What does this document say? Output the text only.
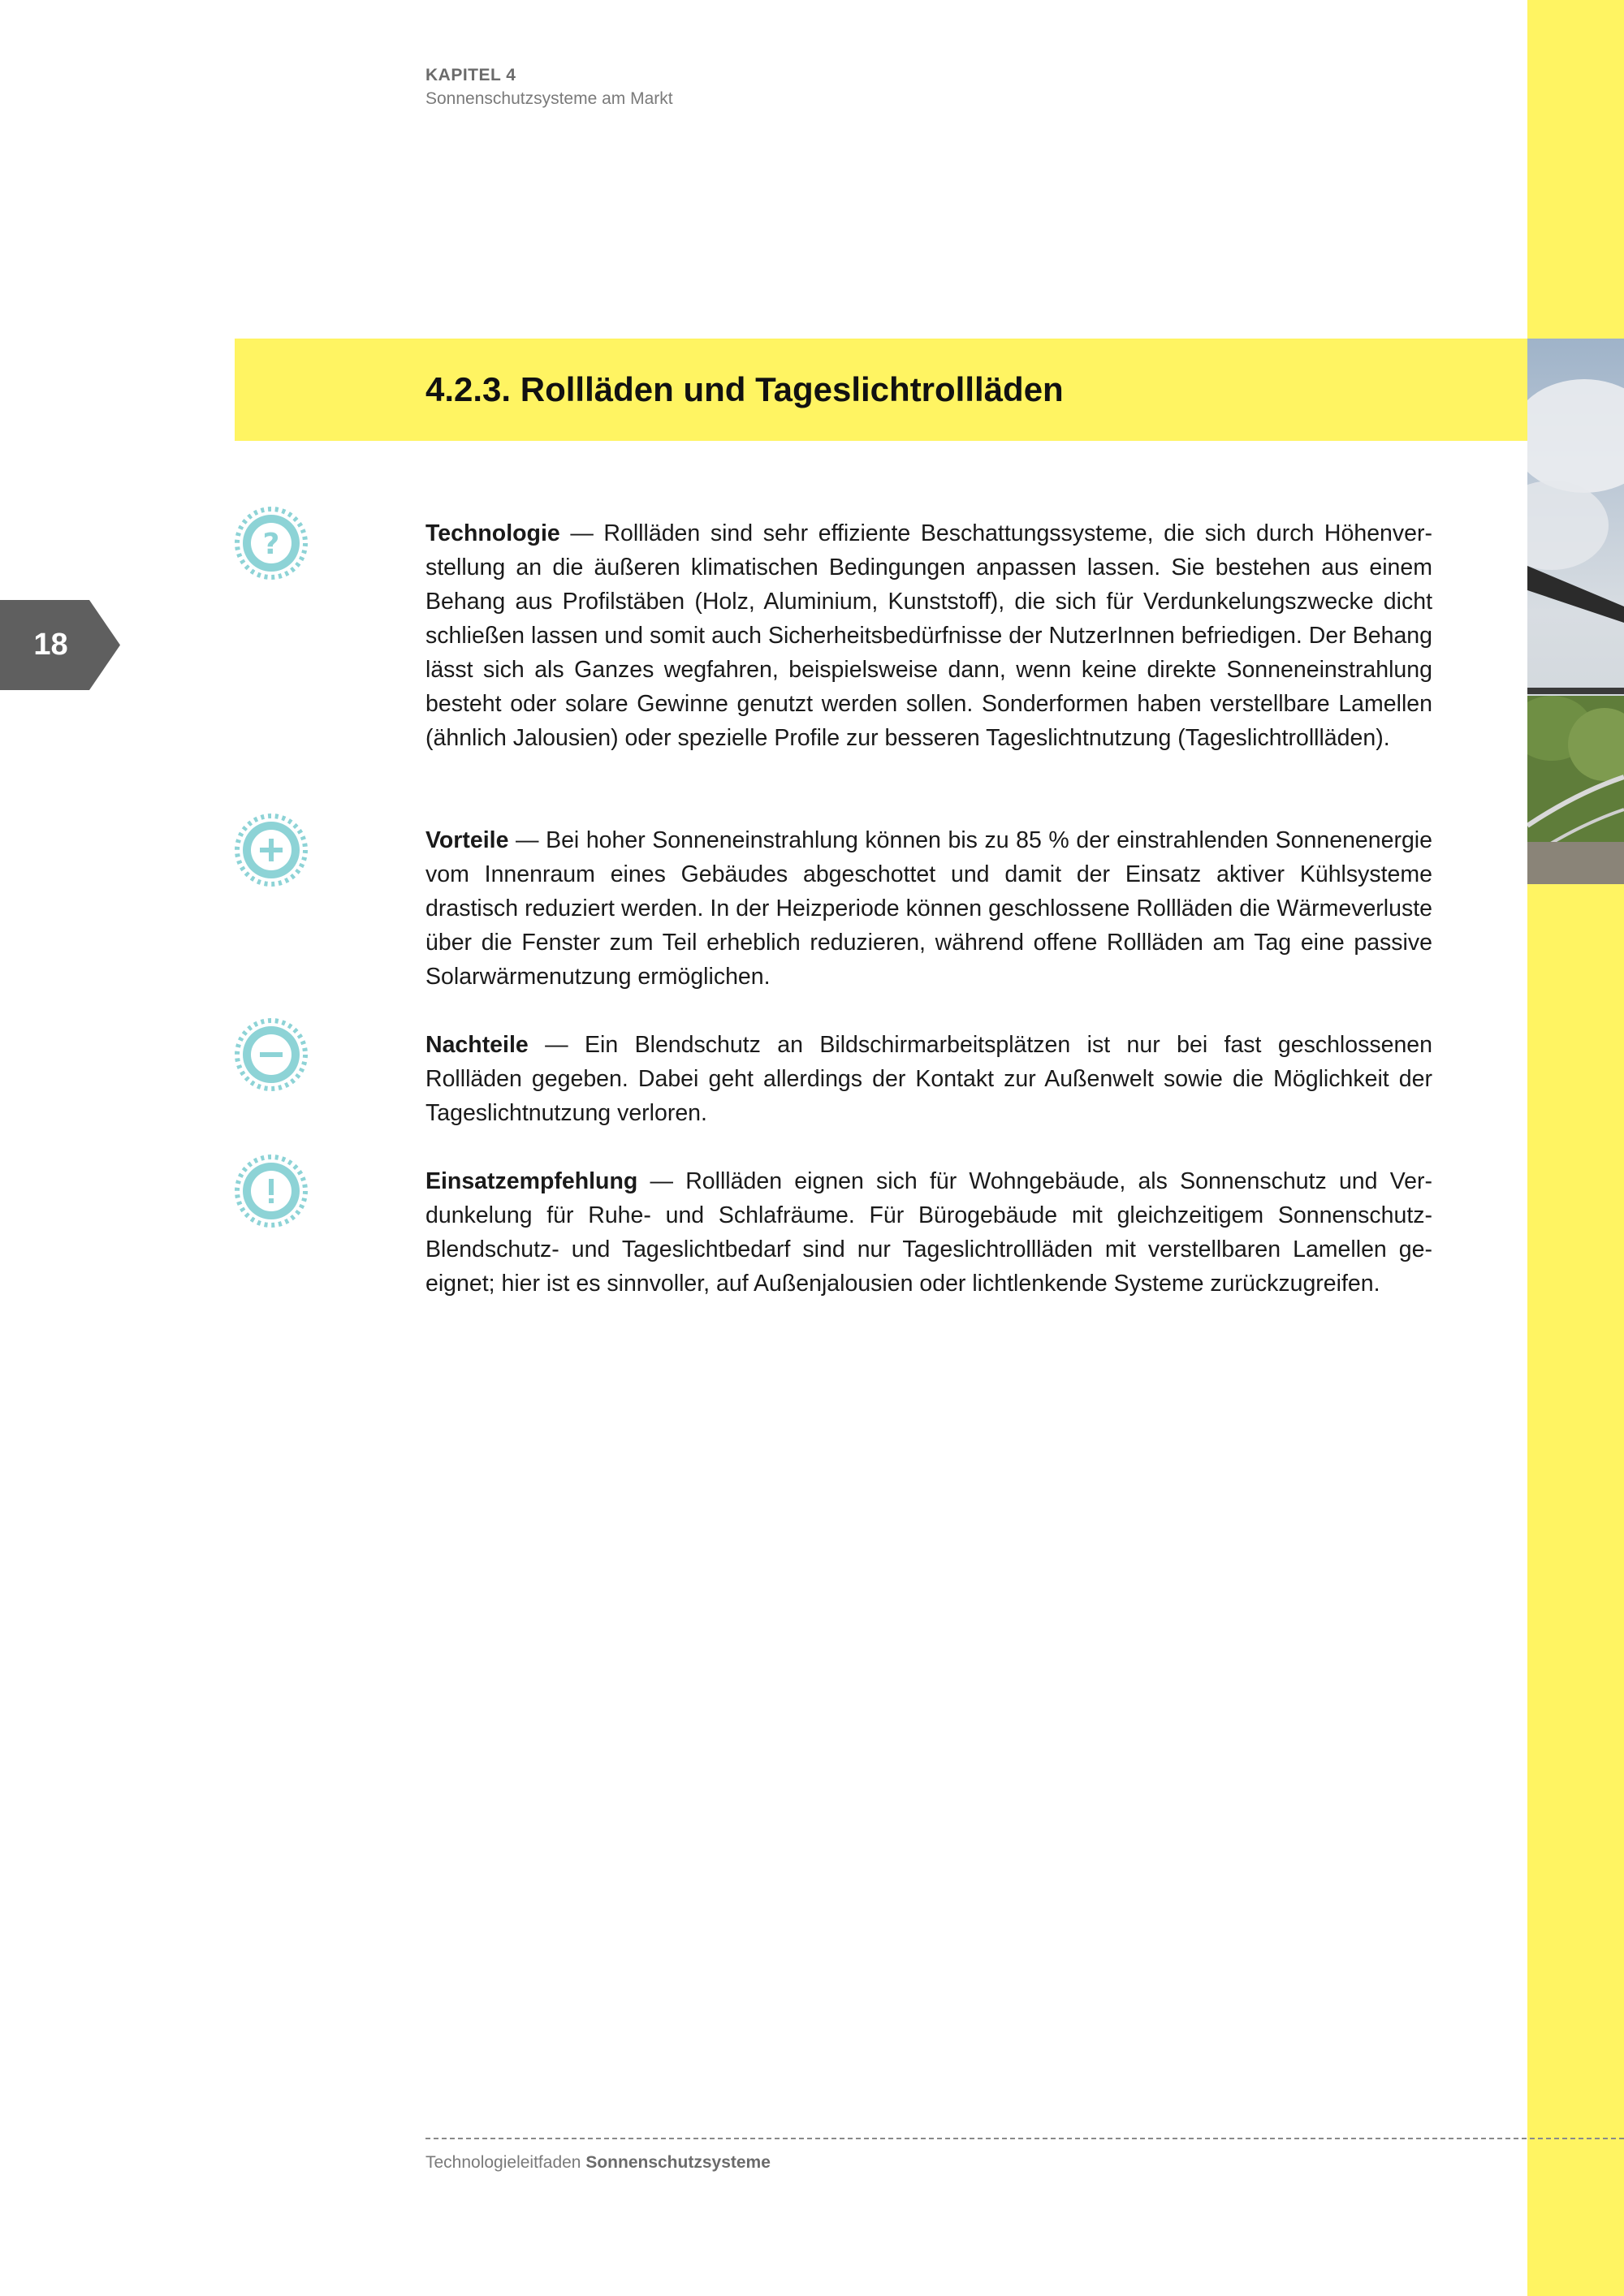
KAPITEL 4
Sonnenschutzsysteme am Markt
4.2.3. Rollläden und Tageslichtrollläden
18
?	Technologie — Rollläden sind sehr effiziente Beschattungssysteme, die sich durch Höhenverstellung an die äußeren klimatischen Bedingungen anpassen lassen. Sie bestehen aus einem Behang aus Profilstäben (Holz, Aluminium, Kunststoff), die sich für Verdunkelungszwecke dicht schließen lassen und somit auch Sicherheitsbedürfnisse der NutzerInnen befriedigen. Der Behang lässt sich als Ganzes wegfahren, beispielsweise dann, wenn keine direkte Sonneneinstrahlung besteht oder solare Gewinne genutzt werden sollen. Sonderformen haben verstellbare Lamellen (ähnlich Jalousien) oder spezielle Profile zur besseren Tageslichtnutzung (Tageslichtrollläden).
Vorteile — Bei hoher Sonneneinstrahlung können bis zu 85 % der einstrahlenden Sonnenenergie vom Innenraum eines Gebäudes abgeschottet und damit der Einsatz aktiver Kühlsysteme drastisch reduziert werden. In der Heizperiode können geschlossene Rollläden die Wärmeverluste über die Fenster zum Teil erheblich reduzieren, während offene Rollläden am Tag eine passive Solarwärmenutzung ermöglichen.
Nachteile — Ein Blendschutz an Bildschirmarbeitsplätzen ist nur bei fast geschlossenen Rollläden gegeben. Dabei geht allerdings der Kontakt zur Außenwelt sowie die Möglichkeit der Tageslichtnutzung verloren.
Einsatzempfehlung — Rollläden eignen sich für Wohngebäude, als Sonnenschutz und Verdunkelung für Ruhe- und Schlafräume. Für Bürogebäude mit gleichzeitigem Sonnenschutz-Blendschutz- und Tageslichtbedarf sind nur Tageslichtrollläden mit verstellbaren Lamellen geeignet; hier ist es sinnvoller, auf Außenjalousien oder lichtlenkende Systeme zurückzugreifen.
Technologieleitfaden Sonnenschutzsysteme
